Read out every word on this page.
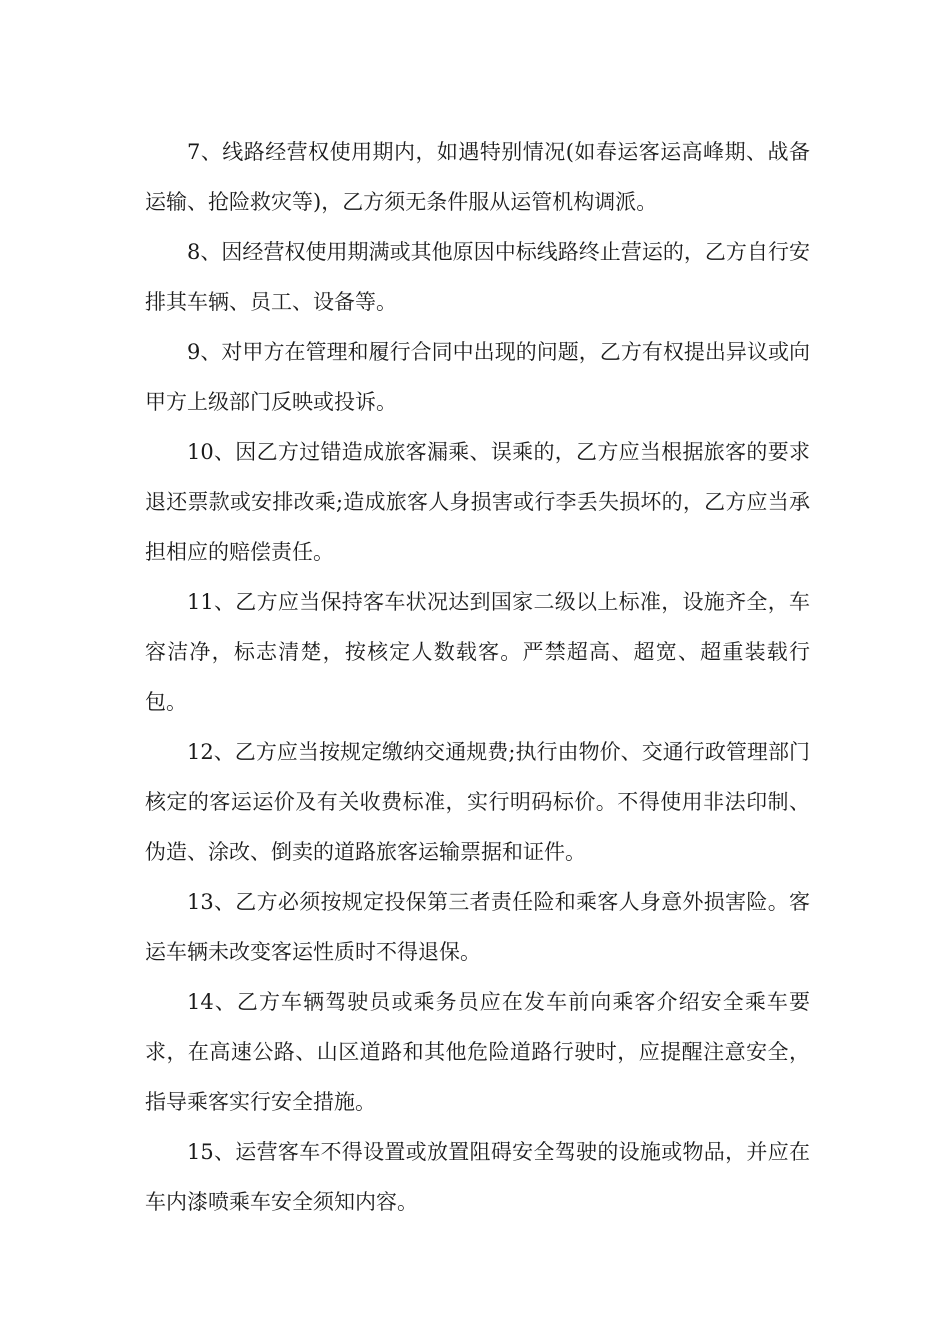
7、线路经营权使用期内，如遇特别情况(如春运客运高峰期、战备运输、抢险救灾等)，乙方须无条件服从运管机构调派。

8、因经营权使用期满或其他原因中标线路终止营运的，乙方自行安排其车辆、员工、设备等。

9、对甲方在管理和履行合同中出现的问题，乙方有权提出异议或向甲方上级部门反映或投诉。

10、因乙方过错造成旅客漏乘、误乘的，乙方应当根据旅客的要求退还票款或安排改乘;造成旅客人身损害或行李丢失损坏的，乙方应当承担相应的赔偿责任。

11、乙方应当保持客车状况达到国家二级以上标准，设施齐全，车容洁净，标志清楚，按核定人数载客。严禁超高、超宽、超重装载行包。

12、乙方应当按规定缴纳交通规费;执行由物价、交通行政管理部门核定的客运运价及有关收费标准，实行明码标价。不得使用非法印制、伪造、涂改、倒卖的道路旅客运输票据和证件。

13、乙方必须按规定投保第三者责任险和乘客人身意外损害险。客运车辆未改变客运性质时不得退保。

14、乙方车辆驾驶员或乘务员应在发车前向乘客介绍安全乘车要求，在高速公路、山区道路和其他危险道路行驶时，应提醒注意安全，指导乘客实行安全措施。

15、运营客车不得设置或放置阻碍安全驾驶的设施或物品，并应在车内漆喷乘车安全须知内容。
